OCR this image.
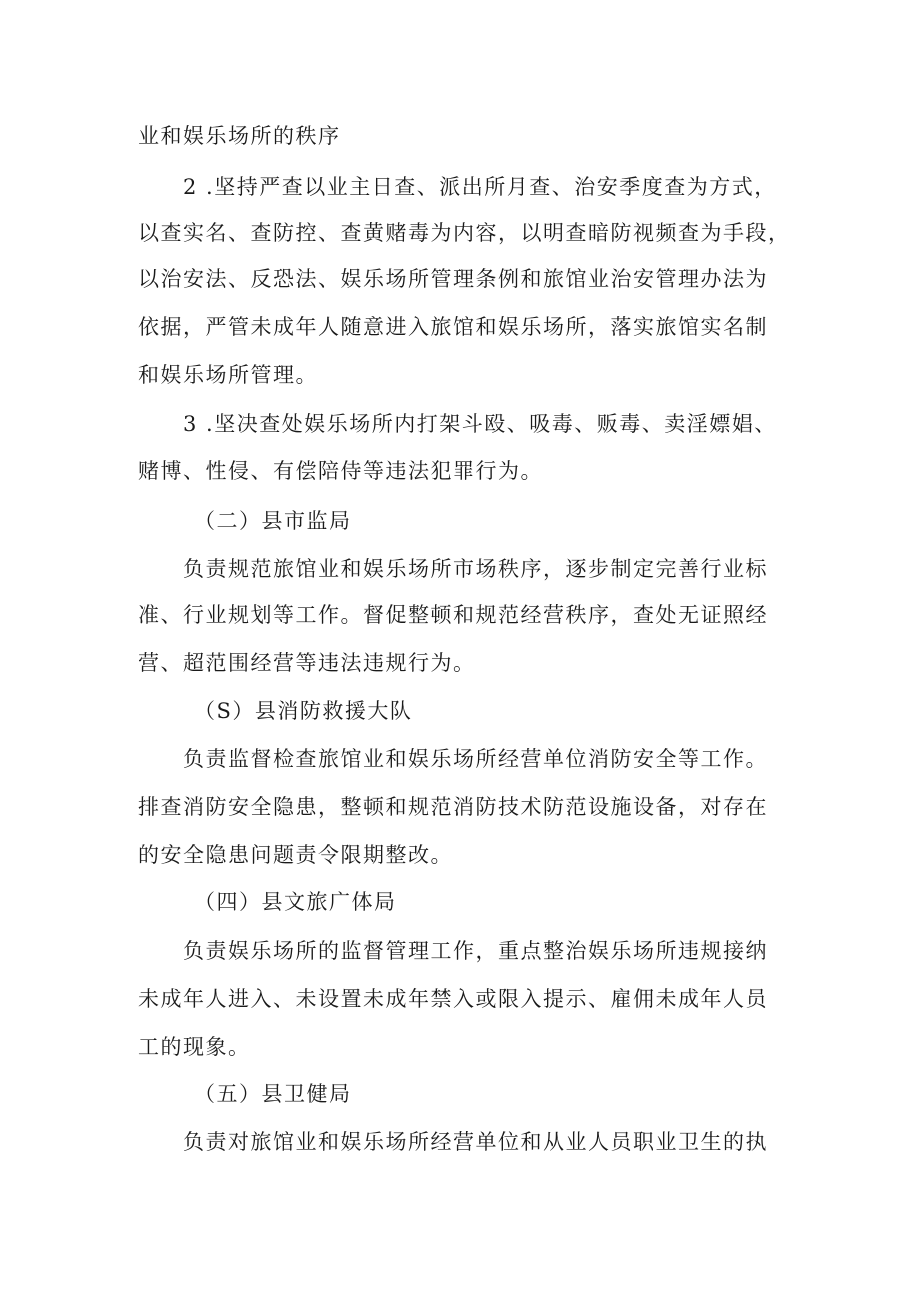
业和娱乐场所的秩序
2 .坚持严查以业主日查、派出所月查、治安季度查为方式，
以查实名、查防控、查黄赌毒为内容，以明查暗防视频查为手段，
以治安法、反恐法、娱乐场所管理条例和旅馆业治安管理办法为
依据，严管未成年人随意进入旅馆和娱乐场所，落实旅馆实名制
和娱乐场所管理。
3 .坚决查处娱乐场所内打架斗殴、吸毒、贩毒、卖淫嫖娼、
赌博、性侵、有偿陪侍等违法犯罪行为。
（二）县市监局
负责规范旅馆业和娱乐场所市场秩序，逐步制定完善行业标
准、行业规划等工作。督促整顿和规范经营秩序，查处无证照经
营、超范围经营等违法违规行为。
（S）县消防救援大队
负责监督检查旅馆业和娱乐场所经营单位消防安全等工作。
排查消防安全隐患，整顿和规范消防技术防范设施设备，对存在
的安全隐患问题责令限期整改。
（四）县文旅广体局
负责娱乐场所的监督管理工作，重点整治娱乐场所违规接纳
未成年人进入、未设置未成年禁入或限入提示、雇佣未成年人员
工的现象。
（五）县卫健局
负责对旅馆业和娱乐场所经营单位和从业人员职业卫生的执
